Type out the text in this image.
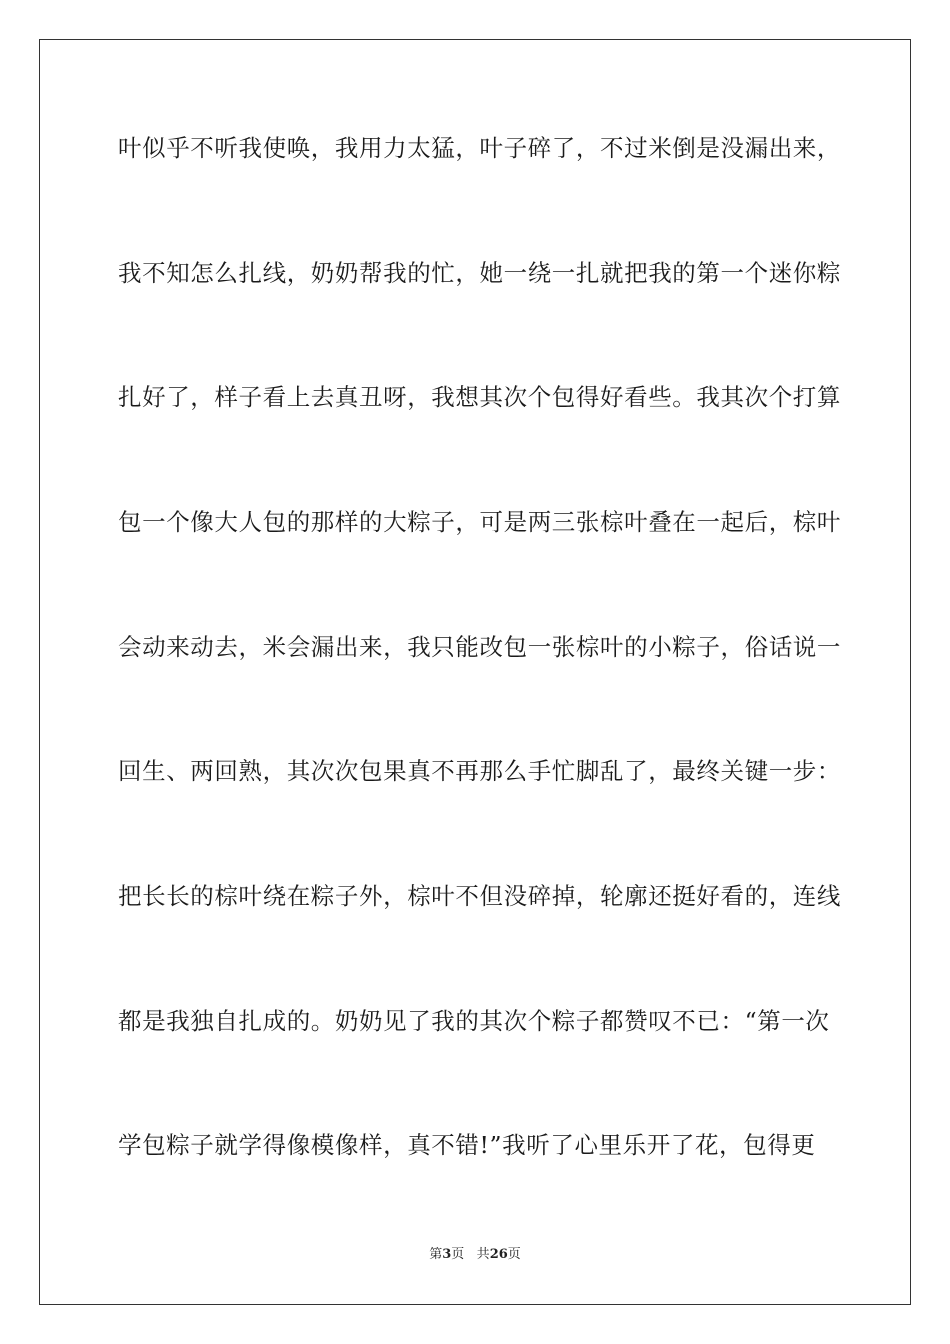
叶似乎不听我使唤，我用力太猛，叶子碎了，不过米倒是没漏出来，
我不知怎么扎线，奶奶帮我的忙，她一绕一扎就把我的第一个迷你粽
扎好了，样子看上去真丑呀，我想其次个包得好看些。我其次个打算
包一个像大人包的那样的大粽子，可是两三张棕叶叠在一起后，棕叶
会动来动去，米会漏出来，我只能改包一张棕叶的小粽子，俗话说一
回生、两回熟，其次次包果真不再那么手忙脚乱了，最终关键一步：
把长长的棕叶绕在粽子外，棕叶不但没碎掉，轮廓还挺好看的，连线
都是我独自扎成的。奶奶见了我的其次个粽子都赞叹不已：“第一次
学包粽子就学得像模像样，真不错!”我听了心里乐开了花，包得更
第3页 共26页
